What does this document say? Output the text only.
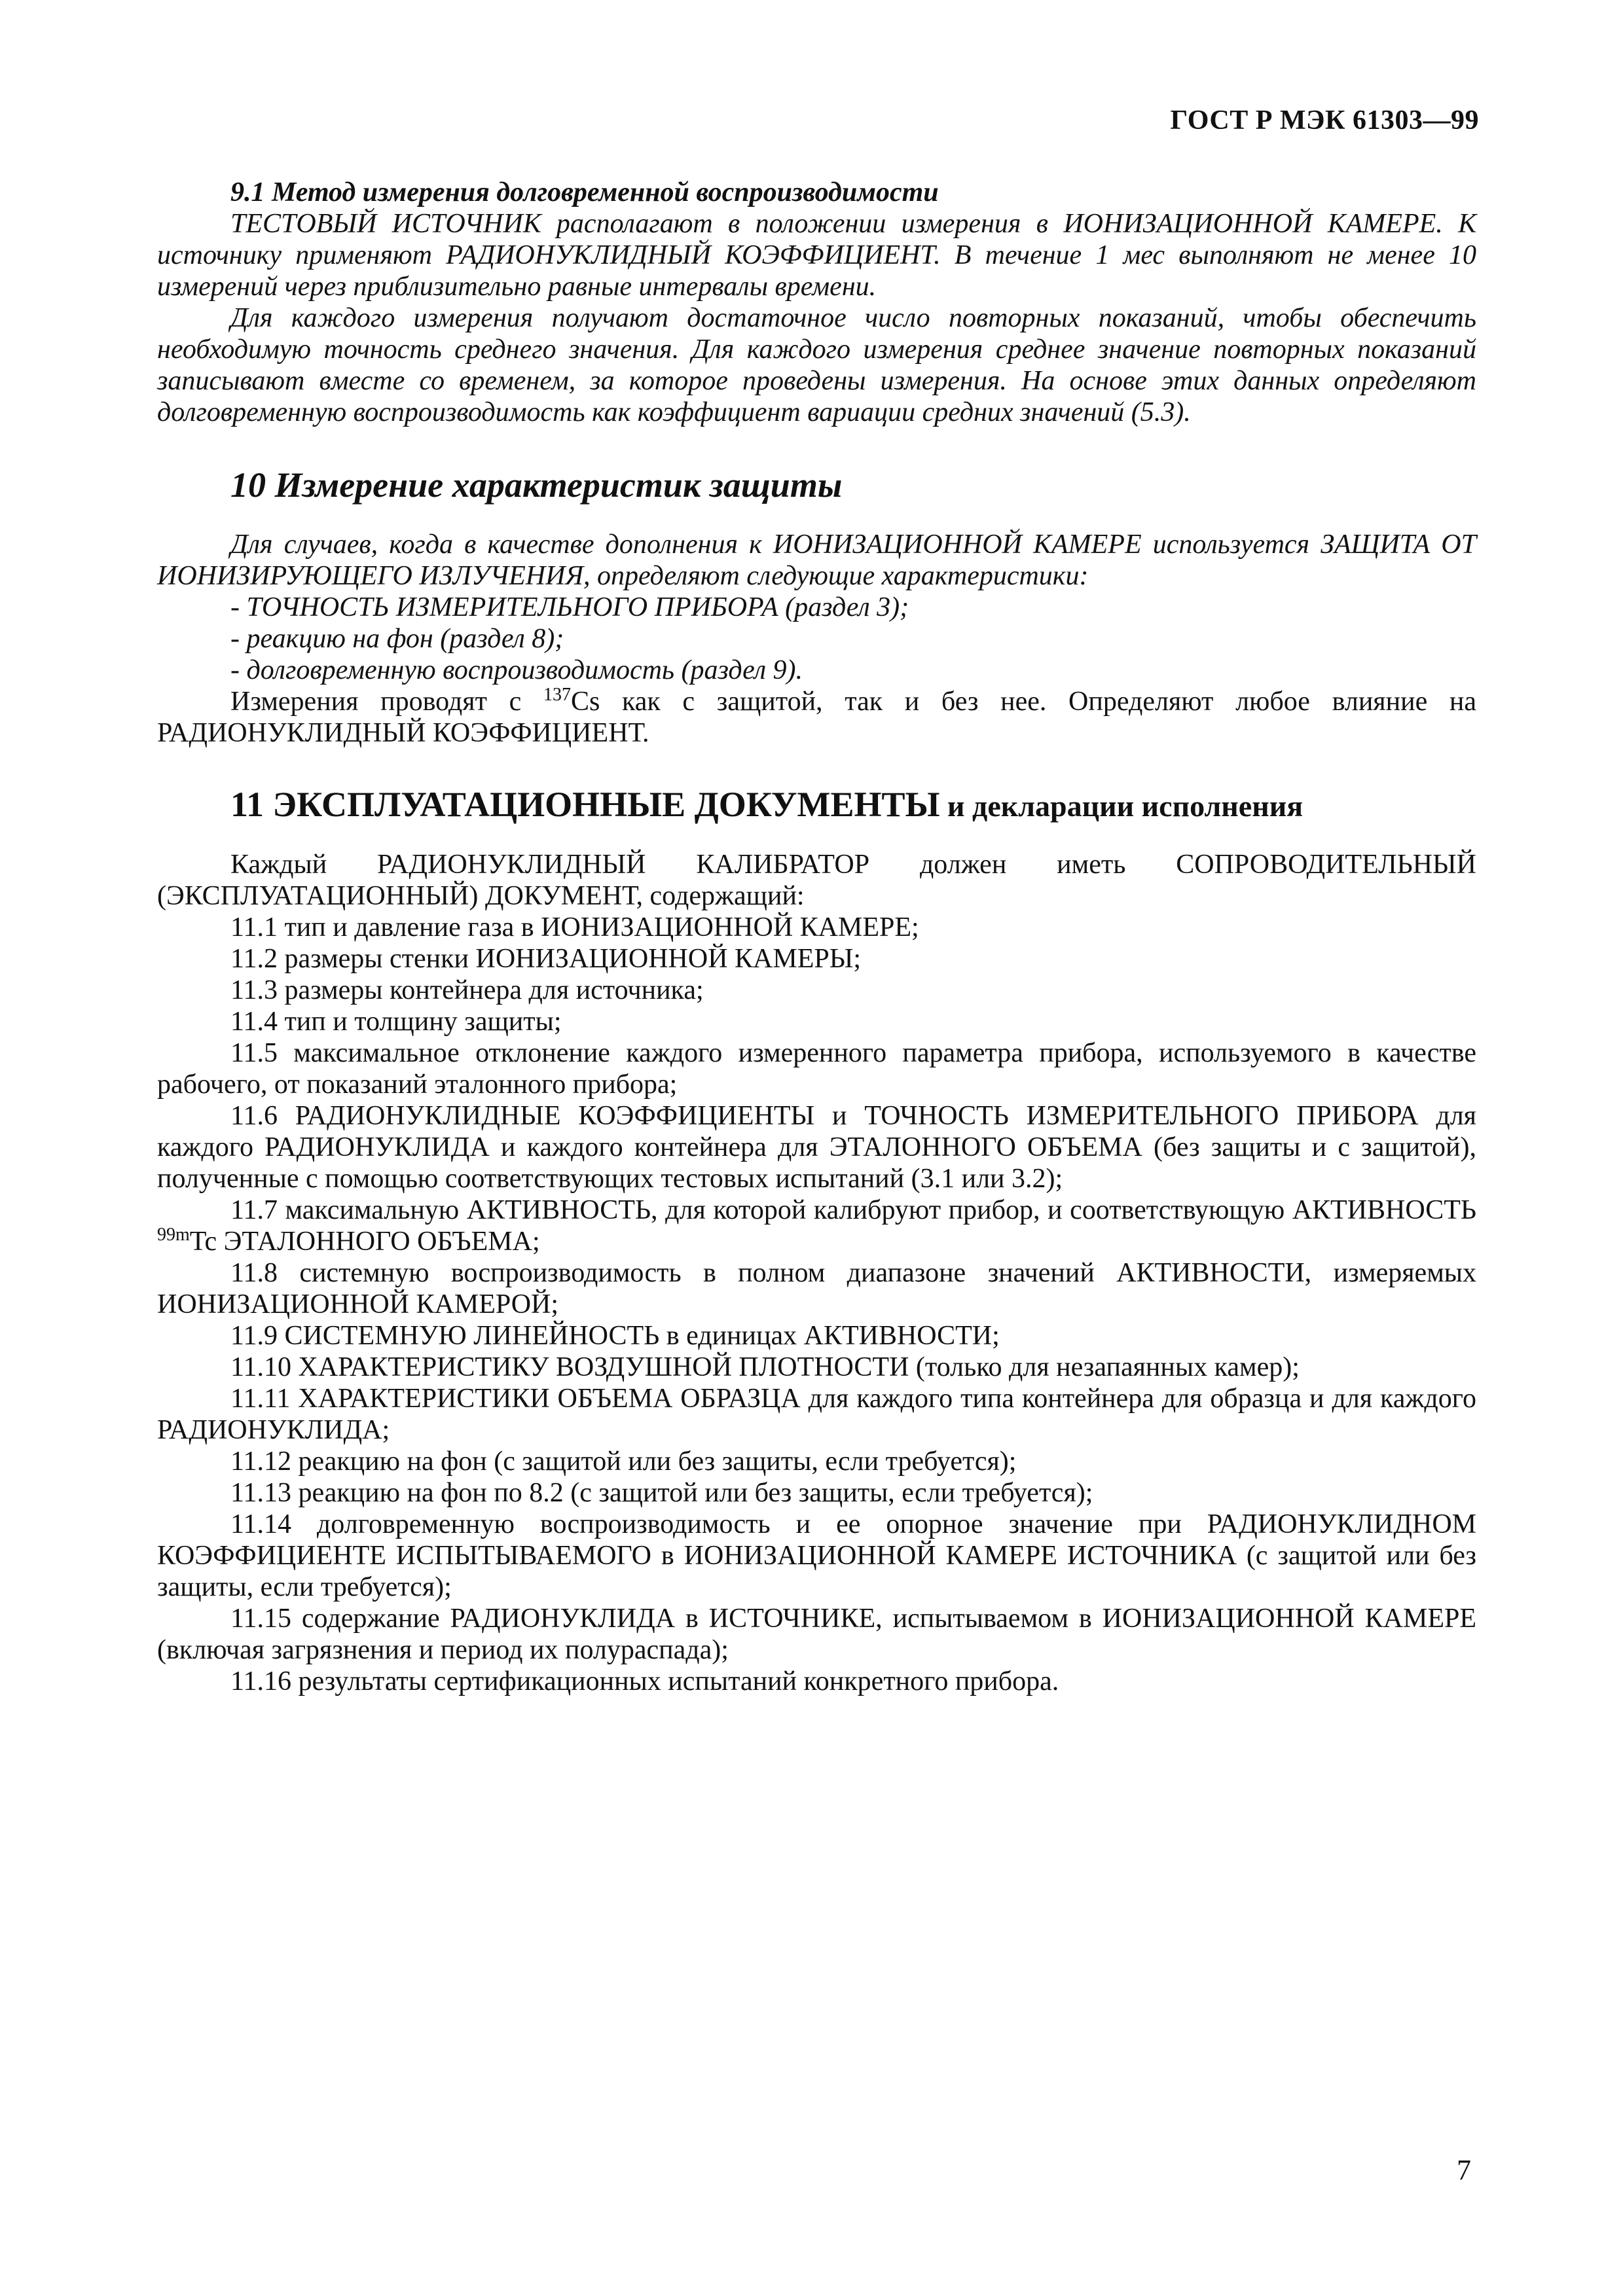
ГОСТ Р МЭК 61303—99

9.1 Метод измерения долговременной воспроизводимости

ТЕСТОВЫЙ ИСТОЧНИК располагают в положении измерения в ИОНИЗАЦИОННОЙ КАМЕРЕ. К источнику применяют РАДИОНУКЛИДНЫЙ КОЭФФИЦИЕНТ. В течение 1 мес выполняют не менее 10 измерений через приблизительно равные интервалы времени.

Для каждого измерения получают достаточное число повторных показаний, чтобы обеспечить необходимую точность среднего значения. Для каждого измерения среднее значение повторных показаний записывают вместе со временем, за которое проведены измерения. На основе этих данных определяют долговременную воспроизводимость как коэффициент вариации средних значений (5.3).

10 Измерение характеристик защиты

Для случаев, когда в качестве дополнения к ИОНИЗАЦИОННОЙ КАМЕРЕ используется ЗАЩИТА ОТ ИОНИЗИРУЮЩЕГО ИЗЛУЧЕНИЯ, определяют следующие характеристики:

- ТОЧНОСТЬ ИЗМЕРИТЕЛЬНОГО ПРИБОРА (раздел 3);

- реакцию на фон (раздел 8);

- долговременную воспроизводимость (раздел 9).

Измерения проводят с $^{137}$Cs как с защитой, так и без нее. Определяют любое влияние на РАДИОНУКЛИДНЫЙ КОЭФФИЦИЕНТ.

11 ЭКСПЛУАТАЦИОННЫЕ ДОКУМЕНТЫ и декларации исполнения

Каждый РАДИОНУКЛИДНЫЙ КАЛИБРАТОР должен иметь СОПРОВОДИТЕЛЬНЫЙ (ЭКСПЛУАТАЦИОННЫЙ) ДОКУМЕНТ, содержащий:

11.1 тип и давление газа в ИОНИЗАЦИОННОЙ КАМЕРЕ;

11.2 размеры стенки ИОНИЗАЦИОННОЙ КАМЕРЫ;

11.3 размеры контейнера для источника;

11.4 тип и толщину защиты;

11.5 максимальное отклонение каждого измеренного параметра прибора, используемого в качестве рабочего, от показаний эталонного прибора;

11.6 РАДИОНУКЛИДНЫЕ КОЭФФИЦИЕНТЫ и ТОЧНОСТЬ ИЗМЕРИТЕЛЬНОГО ПРИБОРА для каждого РАДИОНУКЛИДА и каждого контейнера для ЭТАЛОННОГО ОБЪЕМА (без защиты и с защитой), полученные с помощью соответствующих тестовых испытаний (3.1 или 3.2);

11.7 максимальную АКТИВНОСТЬ, для которой калибруют прибор, и соответствующую АКТИВНОСТЬ $^{99m}$Tc ЭТАЛОННОГО ОБЪЕМА;

11.8 системную воспроизводимость в полном диапазоне значений АКТИВНОСТИ, измеряемых ИОНИЗАЦИОННОЙ КАМЕРОЙ;

11.9 СИСТЕМНУЮ ЛИНЕЙНОСТЬ в единицах АКТИВНОСТИ;

11.10 ХАРАКТЕРИСТИКУ ВОЗДУШНОЙ ПЛОТНОСТИ (только для незапаянных камер);

11.11 ХАРАКТЕРИСТИКИ ОБЪЕМА ОБРАЗЦА для каждого типа контейнера для образца и для каждого РАДИОНУКЛИДА;

11.12 реакцию на фон (с защитой или без защиты, если требуется);

11.13 реакцию на фон по 8.2 (с защитой или без защиты, если требуется);

11.14 долговременную воспроизводимость и ее опорное значение при РАДИОНУКЛИДНОМ КОЭФФИЦИЕНТЕ ИСПЫТЫВАЕМОГО в ИОНИЗАЦИОННОЙ КАМЕРЕ ИСТОЧНИКА (с защитой или без защиты, если требуется);

11.15 содержание РАДИОНУКЛИДА в ИСТОЧНИКЕ, испытываемом в ИОНИЗАЦИОННОЙ КАМЕРЕ (включая загрязнения и период их полураспада);

11.16 результаты сертификационных испытаний конкретного прибора.

7
